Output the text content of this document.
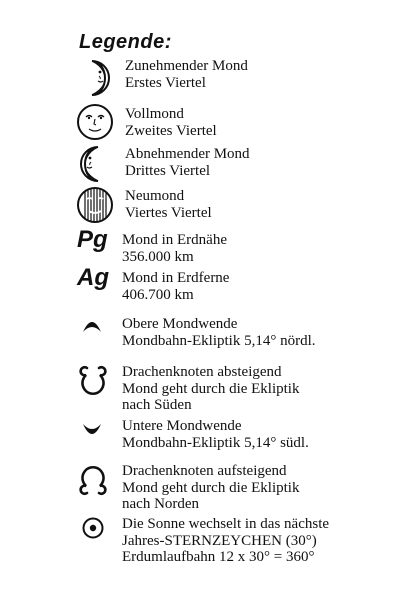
Legende:
Zunehmender Mond
Erstes Viertel
Vollmond
Zweites Viertel
Abnehmender Mond
Drittes Viertel
Neumond
Viertes Viertel
Pg Mond in Erdnähe
356.000 km
Ag Mond in Erdferne
406.700 km
Obere Mondwende
Mondbahn-Ekliptik 5,14° nördl.
Drachenknoten absteigend
Mond geht durch die Ekliptik
nach Süden
Untere Mondwende
Mondbahn-Ekliptik 5,14° südl.
Drachenknoten aufsteigend
Mond geht durch die Ekliptik
nach Norden
Die Sonne wechselt in das nächste
Jahres-STERNZEYCHEN (30°)
Erdumlaufbahn 12 x 30° = 360°
